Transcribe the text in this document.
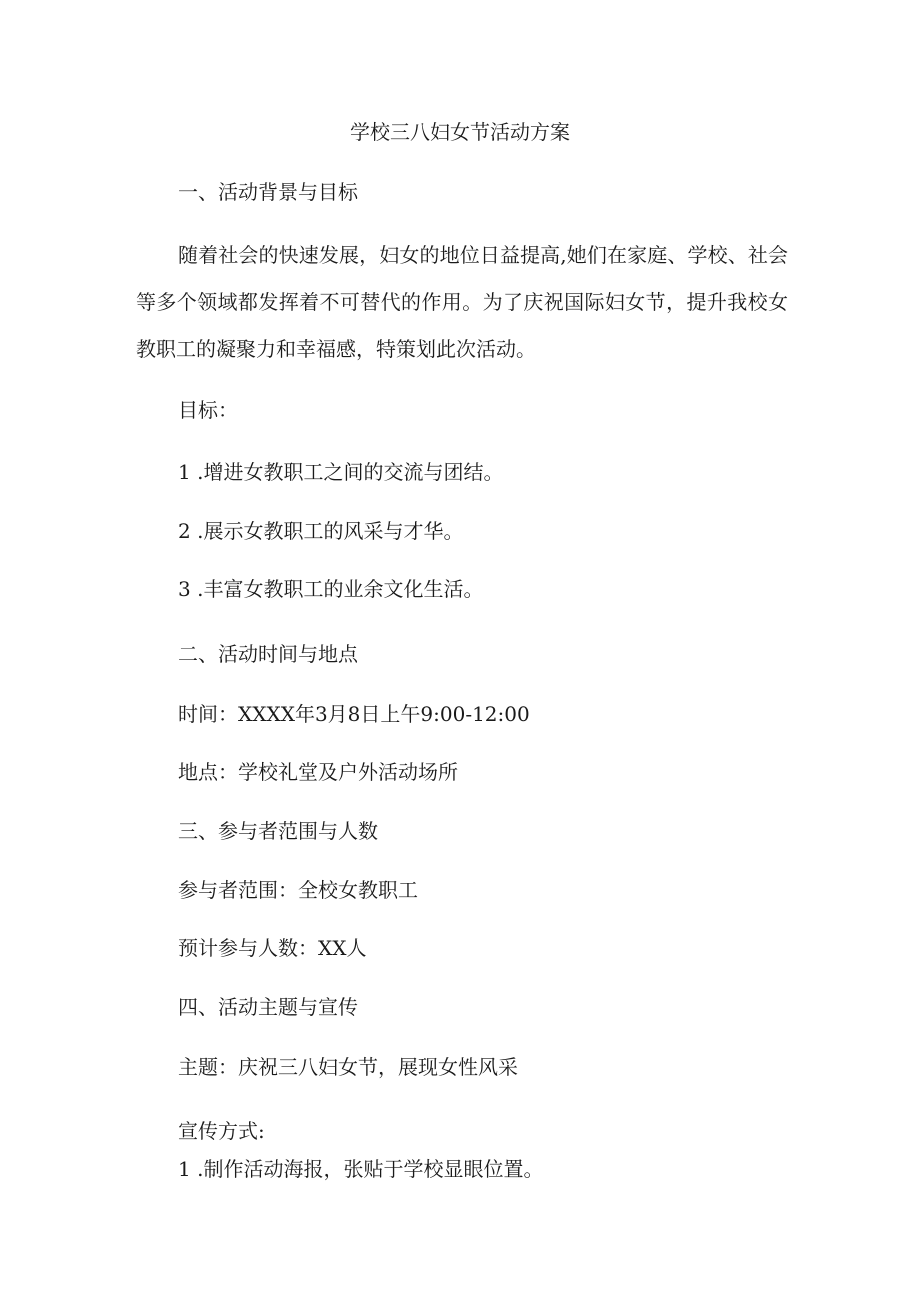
学校三八妇女节活动方案
一、活动背景与目标
随着社会的快速发展，妇女的地位日益提高,她们在家庭、学校、社会等多个领域都发挥着不可替代的作用。为了庆祝国际妇女节，提升我校女教职工的凝聚力和幸福感，特策划此次活动。
目标：
1 .增进女教职工之间的交流与团结。
2 .展示女教职工的风采与才华。
3 .丰富女教职工的业余文化生活。
二、活动时间与地点
时间：XXXX年3月8日上午9:00-12:00
地点：学校礼堂及户外活动场所
三、参与者范围与人数
参与者范围：全校女教职工
预计参与人数：XX人
四、活动主题与宣传
主题：庆祝三八妇女节，展现女性风采
宣传方式:
1 .制作活动海报，张贴于学校显眼位置。
